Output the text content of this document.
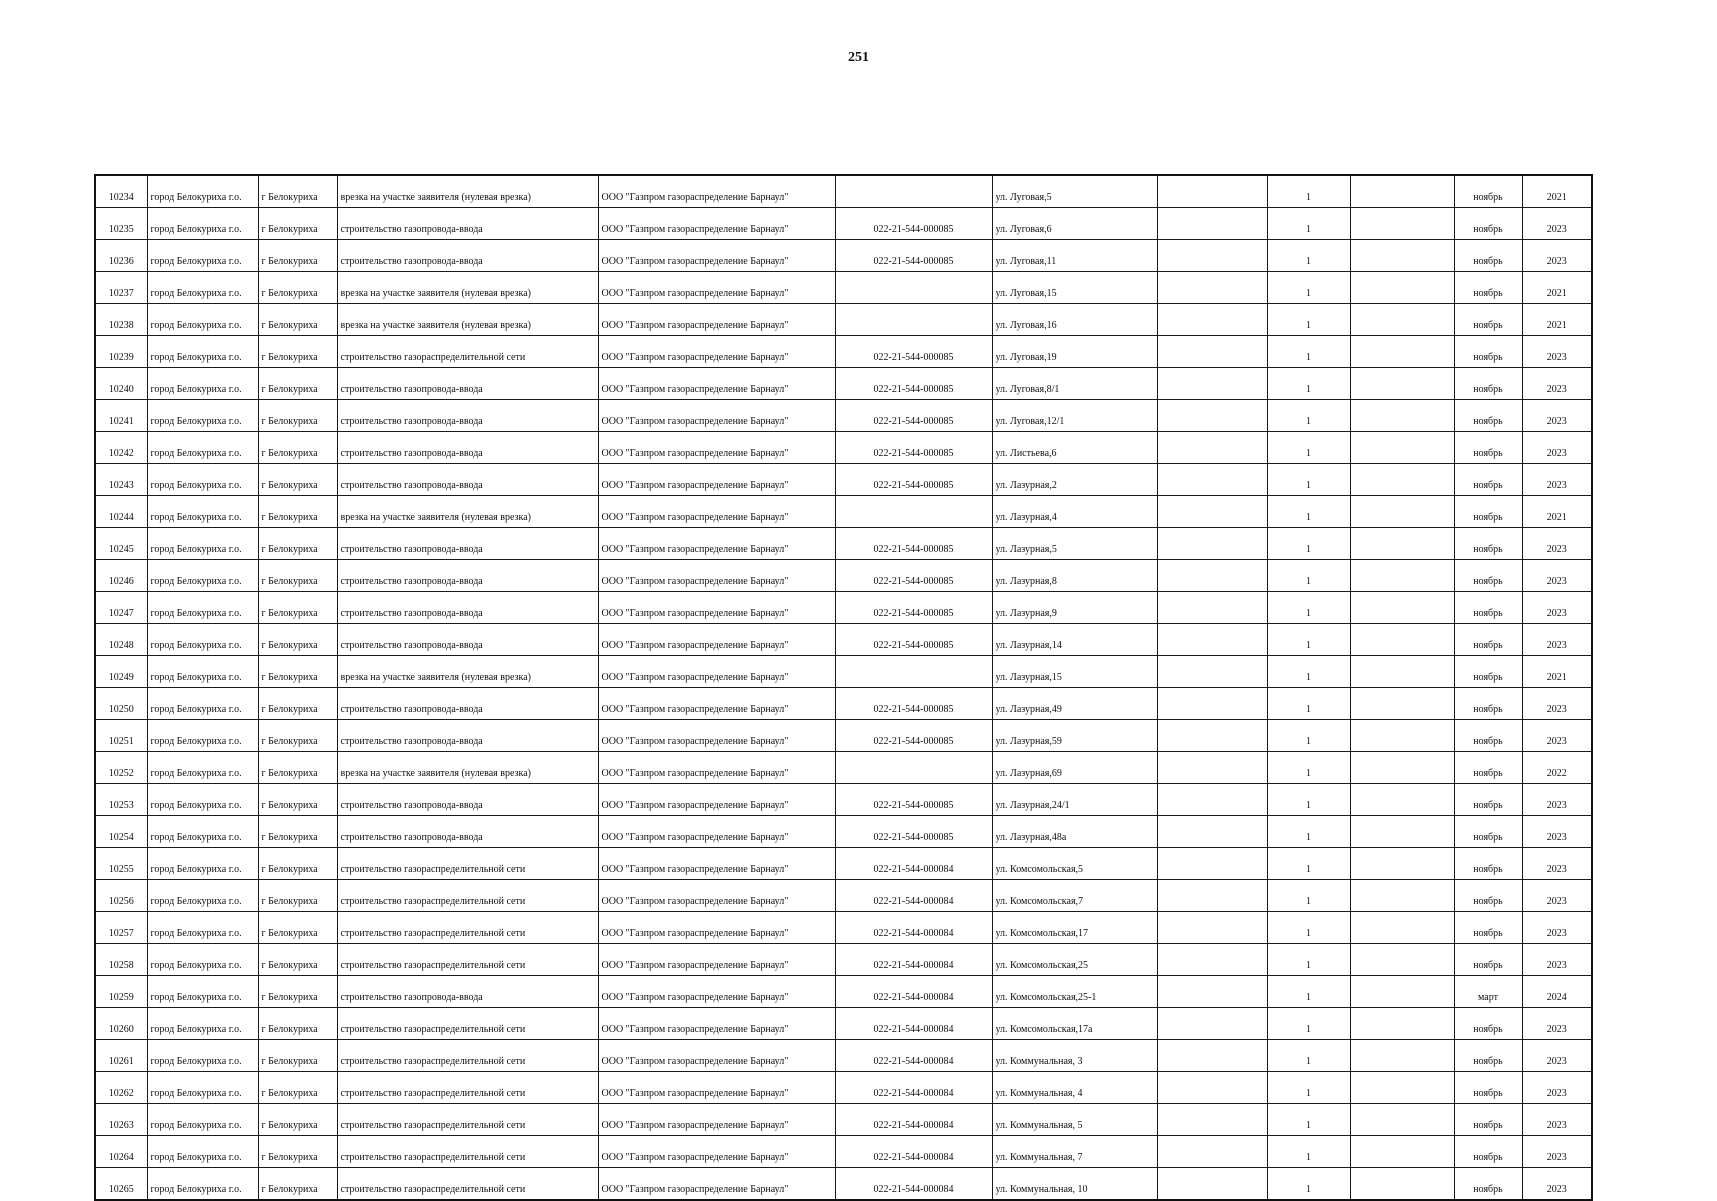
251
10234	город Белокуриха г.о.	г Белокуриха	врезка на участке заявителя (нулевая врезка)	ООО "Газпром газораспределение Барнаул"		ул. Луговая,5		1		ноябрь	2021
10235	город Белокуриха г.о.	г Белокуриха	строительство газопровода-ввода	ООО "Газпром газораспределение Барнаул"	022-21-544-000085	ул. Луговая,6		1		ноябрь	2023
10236	город Белокуриха г.о.	г Белокуриха	строительство газопровода-ввода	ООО "Газпром газораспределение Барнаул"	022-21-544-000085	ул. Луговая,11		1		ноябрь	2023
10237	город Белокуриха г.о.	г Белокуриха	врезка на участке заявителя (нулевая врезка)	ООО "Газпром газораспределение Барнаул"		ул. Луговая,15		1		ноябрь	2021
10238	город Белокуриха г.о.	г Белокуриха	врезка на участке заявителя (нулевая врезка)	ООО "Газпром газораспределение Барнаул"		ул. Луговая,16		1		ноябрь	2021
10239	город Белокуриха г.о.	г Белокуриха	строительство газораспределительной сети	ООО "Газпром газораспределение Барнаул"	022-21-544-000085	ул. Луговая,19		1		ноябрь	2023
10240	город Белокуриха г.о.	г Белокуриха	строительство газопровода-ввода	ООО "Газпром газораспределение Барнаул"	022-21-544-000085	ул. Луговая,8/1		1		ноябрь	2023
10241	город Белокуриха г.о.	г Белокуриха	строительство газопровода-ввода	ООО "Газпром газораспределение Барнаул"	022-21-544-000085	ул. Луговая,12/1		1		ноябрь	2023
10242	город Белокуриха г.о.	г Белокуриха	строительство газопровода-ввода	ООО "Газпром газораспределение Барнаул"	022-21-544-000085	ул. Листьева,6		1		ноябрь	2023
10243	город Белокуриха г.о.	г Белокуриха	строительство газопровода-ввода	ООО "Газпром газораспределение Барнаул"	022-21-544-000085	ул. Лазурная,2		1		ноябрь	2023
10244	город Белокуриха г.о.	г Белокуриха	врезка на участке заявителя (нулевая врезка)	ООО "Газпром газораспределение Барнаул"		ул. Лазурная,4		1		ноябрь	2021
10245	город Белокуриха г.о.	г Белокуриха	строительство газопровода-ввода	ООО "Газпром газораспределение Барнаул"	022-21-544-000085	ул. Лазурная,5		1		ноябрь	2023
10246	город Белокуриха г.о.	г Белокуриха	строительство газопровода-ввода	ООО "Газпром газораспределение Барнаул"	022-21-544-000085	ул. Лазурная,8		1		ноябрь	2023
10247	город Белокуриха г.о.	г Белокуриха	строительство газопровода-ввода	ООО "Газпром газораспределение Барнаул"	022-21-544-000085	ул. Лазурная,9		1		ноябрь	2023
10248	город Белокуриха г.о.	г Белокуриха	строительство газопровода-ввода	ООО "Газпром газораспределение Барнаул"	022-21-544-000085	ул. Лазурная,14		1		ноябрь	2023
10249	город Белокуриха г.о.	г Белокуриха	врезка на участке заявителя (нулевая врезка)	ООО "Газпром газораспределение Барнаул"		ул. Лазурная,15		1		ноябрь	2021
10250	город Белокуриха г.о.	г Белокуриха	строительство газопровода-ввода	ООО "Газпром газораспределение Барнаул"	022-21-544-000085	ул. Лазурная,49		1		ноябрь	2023
10251	город Белокуриха г.о.	г Белокуриха	строительство газопровода-ввода	ООО "Газпром газораспределение Барнаул"	022-21-544-000085	ул. Лазурная,59		1		ноябрь	2023
10252	город Белокуриха г.о.	г Белокуриха	врезка на участке заявителя (нулевая врезка)	ООО "Газпром газораспределение Барнаул"		ул. Лазурная,69		1		ноябрь	2022
10253	город Белокуриха г.о.	г Белокуриха	строительство газопровода-ввода	ООО "Газпром газораспределение Барнаул"	022-21-544-000085	ул. Лазурная,24/1		1		ноябрь	2023
10254	город Белокуриха г.о.	г Белокуриха	строительство газопровода-ввода	ООО "Газпром газораспределение Барнаул"	022-21-544-000085	ул. Лазурная,48а		1		ноябрь	2023
10255	город Белокуриха г.о.	г Белокуриха	строительство газораспределительной сети	ООО "Газпром газораспределение Барнаул"	022-21-544-000084	ул. Комсомольская,5		1		ноябрь	2023
10256	город Белокуриха г.о.	г Белокуриха	строительство газораспределительной сети	ООО "Газпром газораспределение Барнаул"	022-21-544-000084	ул. Комсомольская,7		1		ноябрь	2023
10257	город Белокуриха г.о.	г Белокуриха	строительство газораспределительной сети	ООО "Газпром газораспределение Барнаул"	022-21-544-000084	ул. Комсомольская,17		1		ноябрь	2023
10258	город Белокуриха г.о.	г Белокуриха	строительство газораспределительной сети	ООО "Газпром газораспределение Барнаул"	022-21-544-000084	ул. Комсомольская,25		1		ноябрь	2023
10259	город Белокуриха г.о.	г Белокуриха	строительство газопровода-ввода	ООО "Газпром газораспределение Барнаул"	022-21-544-000084	ул. Комсомольская,25-1		1		март	2024
10260	город Белокуриха г.о.	г Белокуриха	строительство газораспределительной сети	ООО "Газпром газораспределение Барнаул"	022-21-544-000084	ул. Комсомольская,17а		1		ноябрь	2023
10261	город Белокуриха г.о.	г Белокуриха	строительство газораспределительной сети	ООО "Газпром газораспределение Барнаул"	022-21-544-000084	ул. Коммунальная, 3		1		ноябрь	2023
10262	город Белокуриха г.о.	г Белокуриха	строительство газораспределительной сети	ООО "Газпром газораспределение Барнаул"	022-21-544-000084	ул. Коммунальная, 4		1		ноябрь	2023
10263	город Белокуриха г.о.	г Белокуриха	строительство газораспределительной сети	ООО "Газпром газораспределение Барнаул"	022-21-544-000084	ул. Коммунальная, 5		1		ноябрь	2023
10264	город Белокуриха г.о.	г Белокуриха	строительство газораспределительной сети	ООО "Газпром газораспределение Барнаул"	022-21-544-000084	ул. Коммунальная, 7		1		ноябрь	2023
10265	город Белокуриха г.о.	г Белокуриха	строительство газораспределительной сети	ООО "Газпром газораспределение Барнаул"	022-21-544-000084	ул. Коммунальная, 10		1		ноябрь	2023
